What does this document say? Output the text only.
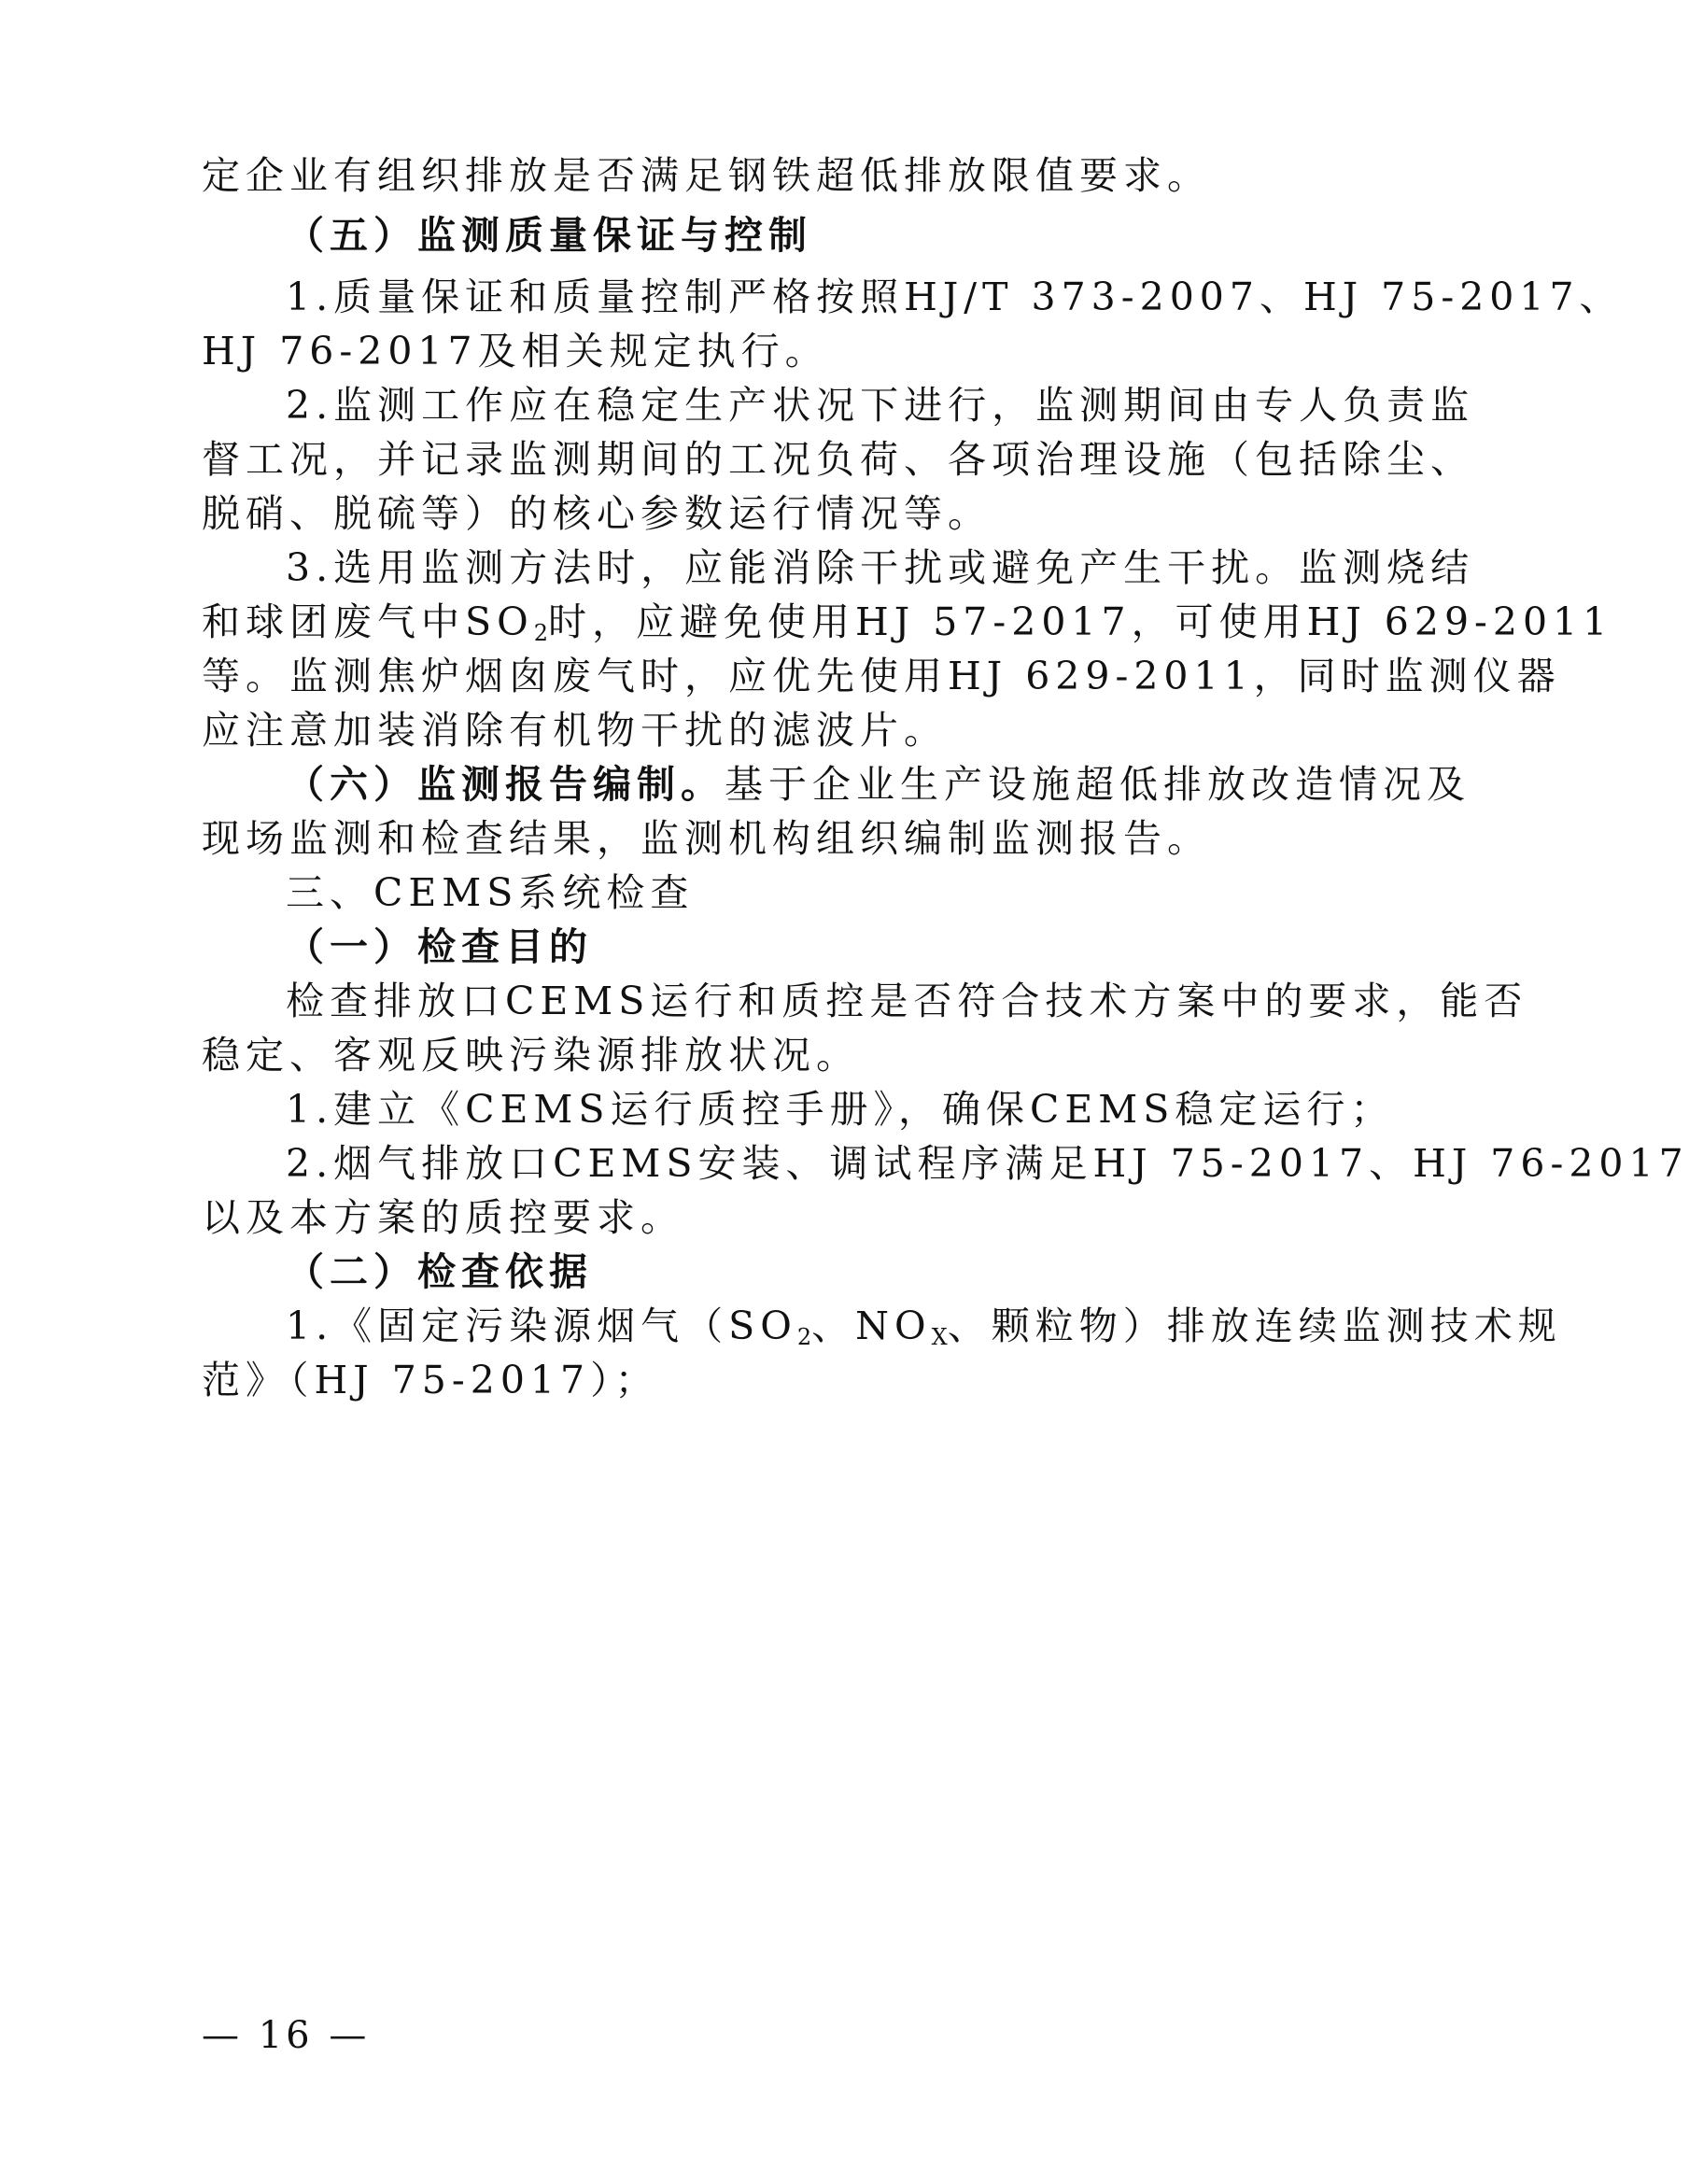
定企业有组织排放是否满足钢铁超低排放限值要求。
（五）监测质量保证与控制
1.质量保证和质量控制严格按照HJ/T 373-2007、HJ 75-2017、
HJ 76-2017及相关规定执行。
2.监测工作应在稳定生产状况下进行，监测期间由专人负责监
督工况，并记录监测期间的工况负荷、各项治理设施（包括除尘、
脱硝、脱硫等）的核心参数运行情况等。
3.选用监测方法时，应能消除干扰或避免产生干扰。监测烧结
和球团废气中$SO_2$时，应避免使用HJ 57-2017，可使用HJ 629-2011
等。监测焦炉烟囱废气时，应优先使用HJ 629-2011，同时监测仪器
应注意加装消除有机物干扰的滤波片。
（六）监测报告编制。基于企业生产设施超低排放改造情况及
现场监测和检查结果，监测机构组织编制监测报告。
三、CEMS系统检查
（一）检查目的
检查排放口CEMS运行和质控是否符合技术方案中的要求，能否
稳定、客观反映污染源排放状况。
1.建立《CEMS运行质控手册》，确保CEMS稳定运行；
2.烟气排放口CEMS安装、调试程序满足HJ 75-2017、HJ 76-2017
以及本方案的质控要求。
（二）检查依据
1.《固定污染源烟气（$SO_2$、$NO_X$、颗粒物）排放连续监测技术规
范》（HJ 75-2017）；
— 16 —
